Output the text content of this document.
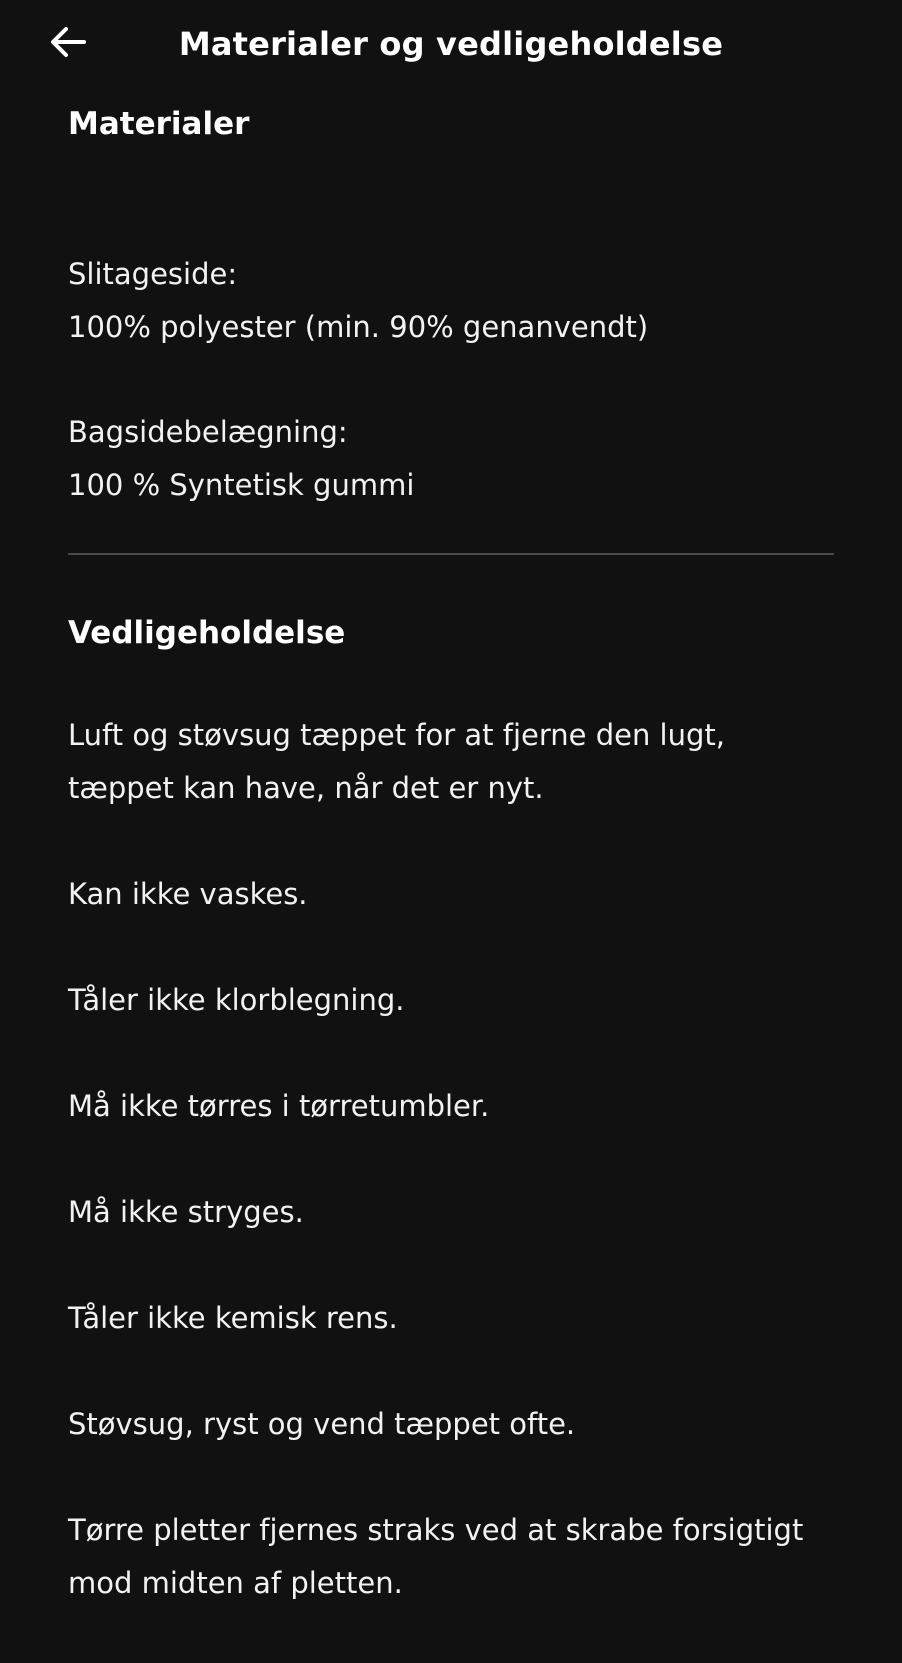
Materialer og vedligeholdelse
Materialer

Slitageside:

100% polyester (min. 90% genanvendt)

Bagsidebelægning:

100 % Syntetisk gummi

Vedligeholdelse

Luft og støvsug tæppet for at fjerne den lugt, tæppet kan have, når det er nyt.

Kan ikke vaskes.

Tåler ikke klorblegning.

Må ikke tørres i tørretumbler.

Må ikke stryges.

Tåler ikke kemisk rens.

Støvsug, ryst og vend tæppet ofte.

Tørre pletter fjernes straks ved at skrabe forsigtigt mod midten af pletten.
